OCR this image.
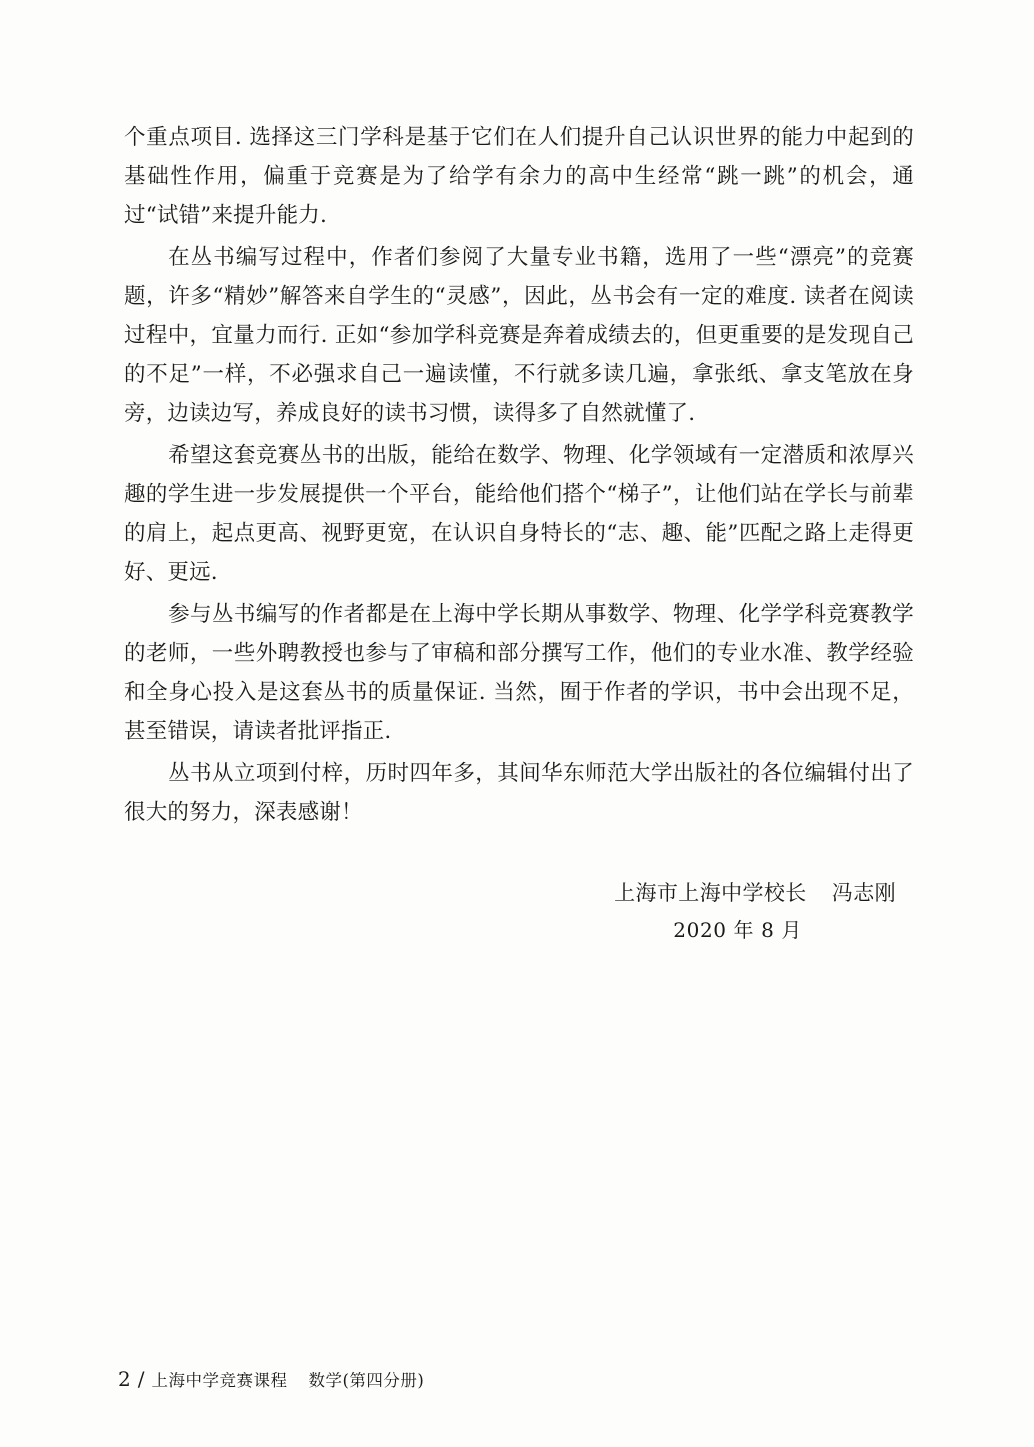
个重点项目. 选择这三门学科是基于它们在人们提升自己认识世界的能力中起到的基础性作用，偏重于竞赛是为了给学有余力的高中生经常“跳一跳”的机会，通过“试错”来提升能力.

在丛书编写过程中，作者们参阅了大量专业书籍，选用了一些“漂亮”的竞赛题，许多“精妙”解答来自学生的“灵感”，因此，丛书会有一定的难度. 读者在阅读过程中，宜量力而行. 正如“参加学科竞赛是奔着成绩去的，但更重要的是发现自己的不足”一样，不必强求自己一遍读懂，不行就多读几遍，拿张纸、拿支笔放在身旁，边读边写，养成良好的读书习惯，读得多了自然就懂了.

希望这套竞赛丛书的出版，能给在数学、物理、化学领域有一定潜质和浓厚兴趣的学生进一步发展提供一个平台，能给他们搭个“梯子”，让他们站在学长与前辈的肩上，起点更高、视野更宽，在认识自身特长的“志、趣、能”匹配之路上走得更好、更远.

参与丛书编写的作者都是在上海中学长期从事数学、物理、化学学科竞赛教学的老师，一些外聘教授也参与了审稿和部分撰写工作，他们的专业水准、教学经验和全身心投入是这套丛书的质量保证. 当然，囿于作者的学识，书中会出现不足，甚至错误，请读者批评指正.

丛书从立项到付梓，历时四年多，其间华东师范大学出版社的各位编辑付出了很大的努力，深表感谢！

上海市上海中学校长 冯志刚
2020 年 8 月
2 / 上海中学竞赛课程	数学(第四分册)
